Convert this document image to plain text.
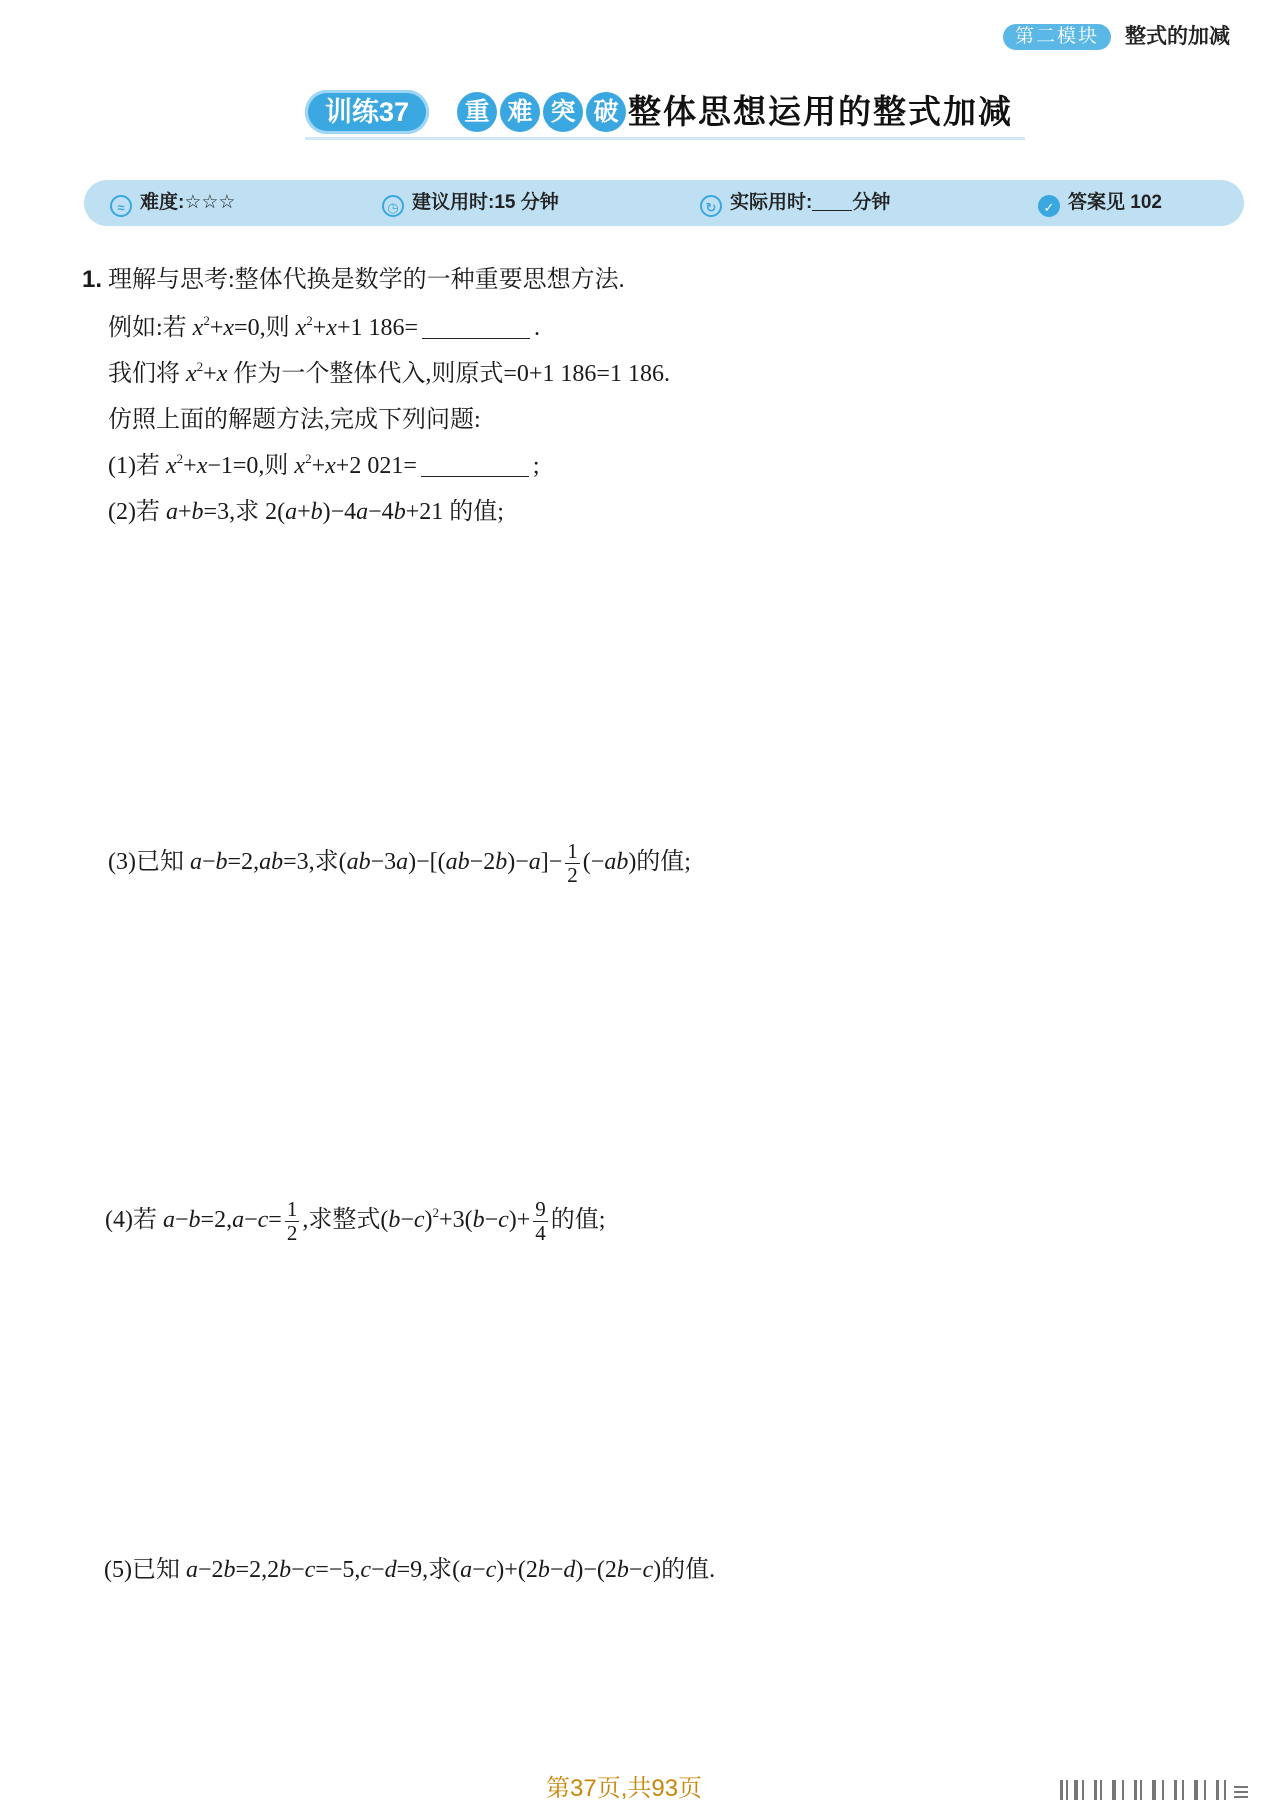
第二模块	整式的加减
训练37	重 难 突 破 整体思想运用的整式加减
≈ 难度:☆☆☆	◷ 建议用时:15 分钟	↻ 实际用时: 分钟	✓ 答案见 102
1. 理解与思考:整体代换是数学的一种重要思想方法.
例如:若 $x^2+x=0$,则 $x^2+x+1$ 186=	.
我们将 $x^2+x$ 作为一个整体代入,则原式=0+1 186=1 186.
仿照上面的解题方法,完成下列问题:
(1)若 $x^2+x-1=0$,则 $x^2+x+2$ 021=	;
(2)若 a+b=3,求 2(a+b)−4a−4b+21 的值;
(3)已知 a−b=2,ab=3,求$(ab-3a)-[(ab-2b)-a]- \frac{1}{2} (-ab)$的值;
(4)若 $a-b=2,a-c= \frac{1}{2}$ ,求整式$(b-c)^2+3(b-c)+ \frac{9}{4}$ 的值;
(5)已知 a−2b=2,2b−c=−5,c−d=9,求(a−c)+(2b−d)−(2b−c)的值.
第37页,共93页
